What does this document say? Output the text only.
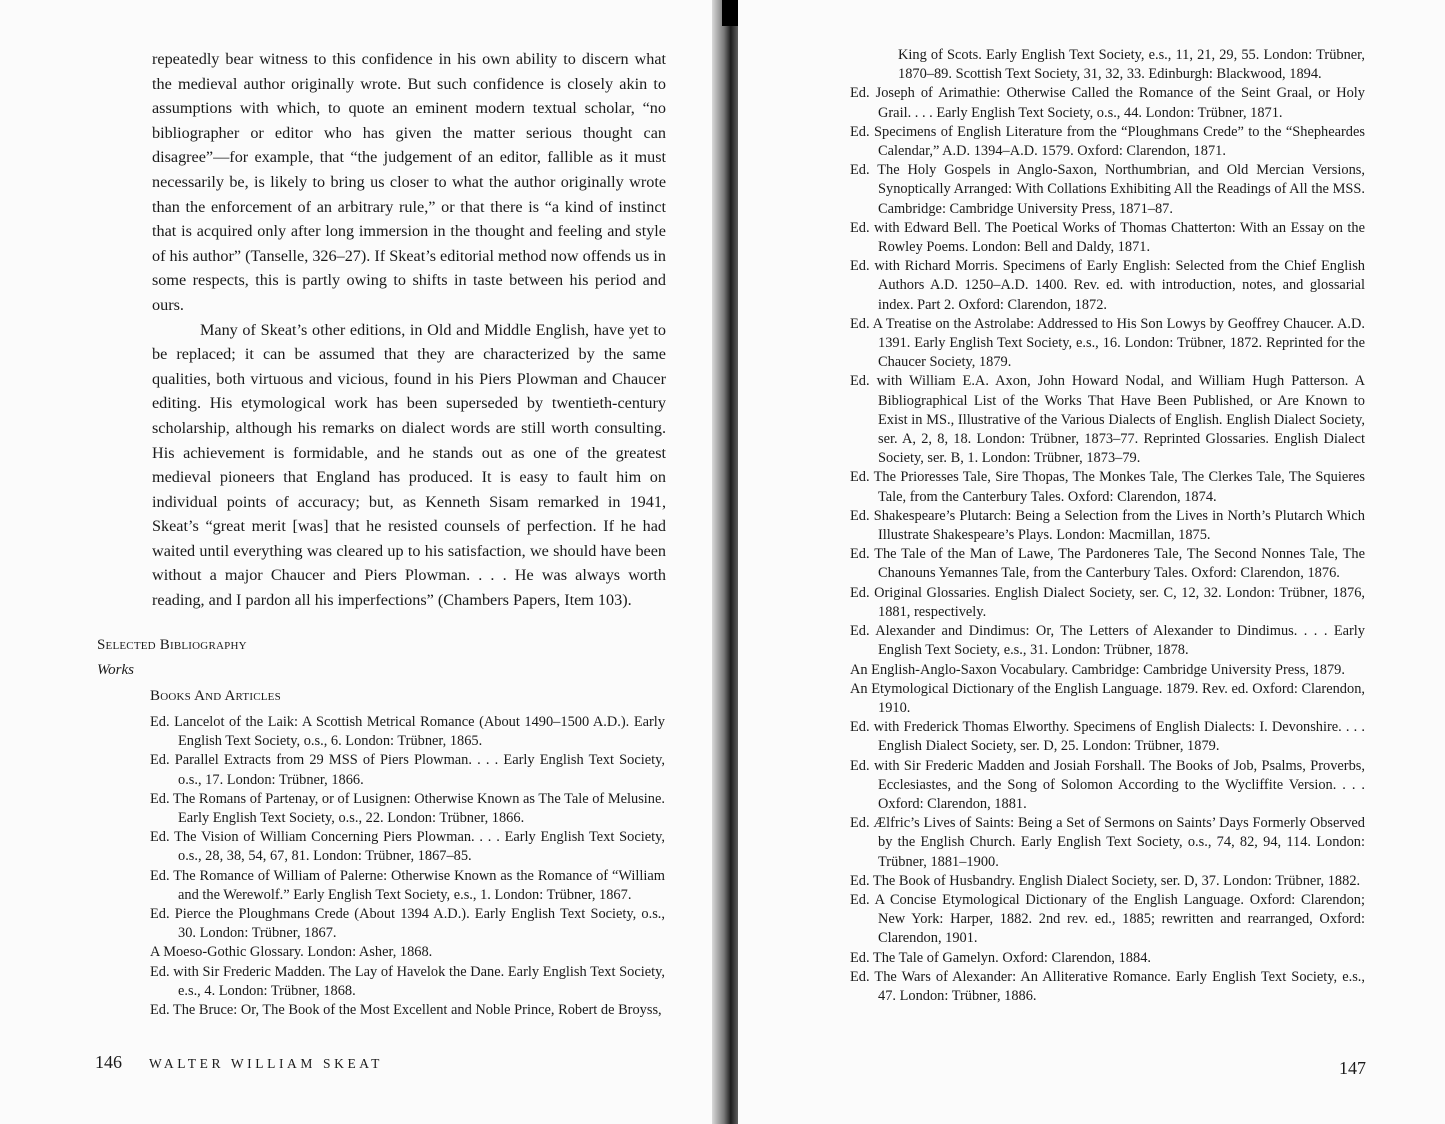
repeatedly bear witness to this confidence in his own ability to discern what the medieval author originally wrote. But such confidence is closely akin to assumptions with which, to quote an eminent modern textual scholar, “no bibliographer or editor who has given the matter serious thought can disagree”—for example, that “the judgement of an editor, fallible as it must necessarily be, is likely to bring us closer to what the author originally wrote than the enforcement of an arbitrary rule,” or that there is “a kind of instinct that is acquired only after long immersion in the thought and feeling and style of his author” (Tanselle, 326–27). If Skeat’s editorial method now offends us in some respects, this is partly owing to shifts in taste between his period and ours.

Many of Skeat’s other editions, in Old and Middle English, have yet to be replaced; it can be assumed that they are characterized by the same qualities, both virtuous and vicious, found in his Piers Plowman and Chaucer editing. His etymological work has been superseded by twentieth-century scholarship, although his remarks on dialect words are still worth consulting. His achievement is formidable, and he stands out as one of the greatest medieval pioneers that England has produced. It is easy to fault him on individual points of accuracy; but, as Kenneth Sisam remarked in 1941, Skeat’s “great merit [was] that he resisted counsels of perfection. If he had waited until everything was cleared up to his satisfaction, we should have been without a major Chaucer and Piers Plowman. . . . He was always worth reading, and I pardon all his imperfections” (Chambers Papers, Item 103).

Selected Bibliography
Works
Books And Articles

Ed. Lancelot of the Laik: A Scottish Metrical Romance (About 1490–1500 A.D.). Early English Text Society, o.s., 6. London: Trübner, 1865.

Ed. Parallel Extracts from 29 MSS of Piers Plowman. . . . Early English Text Society, o.s., 17. London: Trübner, 1866.

Ed. The Romans of Partenay, or of Lusignen: Otherwise Known as The Tale of Melusine. Early English Text Society, o.s., 22. London: Trübner, 1866.

Ed. The Vision of William Concerning Piers Plowman. . . . Early English Text Society, o.s., 28, 38, 54, 67, 81. London: Trübner, 1867–85.

Ed. The Romance of William of Palerne: Otherwise Known as the Romance of “William and the Werewolf.” Early English Text Society, e.s., 1. London: Trübner, 1867.

Ed. Pierce the Ploughmans Crede (About 1394 A.D.). Early English Text Society, o.s., 30. London: Trübner, 1867.

A Moeso-Gothic Glossary. London: Asher, 1868.

Ed. with Sir Frederic Madden. The Lay of Havelok the Dane. Early English Text Society, e.s., 4. London: Trübner, 1868.

Ed. The Bruce: Or, The Book of the Most Excellent and Noble Prince, Robert de Broyss,

146 WALTER WILLIAM SKEAT

King of Scots. Early English Text Society, e.s., 11, 21, 29, 55. London: Trübner, 1870–89. Scottish Text Society, 31, 32, 33. Edinburgh: Blackwood, 1894.

Ed. Joseph of Arimathie: Otherwise Called the Romance of the Seint Graal, or Holy Grail. . . . Early English Text Society, o.s., 44. London: Trübner, 1871.

Ed. Specimens of English Literature from the “Ploughmans Crede” to the “Shepheardes Calendar,” A.D. 1394–A.D. 1579. Oxford: Clarendon, 1871.

Ed. The Holy Gospels in Anglo-Saxon, Northumbrian, and Old Mercian Versions, Synoptically Arranged: With Collations Exhibiting All the Readings of All the MSS. Cambridge: Cambridge University Press, 1871–87.

Ed. with Edward Bell. The Poetical Works of Thomas Chatterton: With an Essay on the Rowley Poems. London: Bell and Daldy, 1871.

Ed. with Richard Morris. Specimens of Early English: Selected from the Chief English Authors A.D. 1250–A.D. 1400. Rev. ed. with introduction, notes, and glossarial index. Part 2. Oxford: Clarendon, 1872.

Ed. A Treatise on the Astrolabe: Addressed to His Son Lowys by Geoffrey Chaucer. A.D. 1391. Early English Text Society, e.s., 16. London: Trübner, 1872. Reprinted for the Chaucer Society, 1879.

Ed. with William E.A. Axon, John Howard Nodal, and William Hugh Patterson. A Bibliographical List of the Works That Have Been Published, or Are Known to Exist in MS., Illustrative of the Various Dialects of English. English Dialect Society, ser. A, 2, 8, 18. London: Trübner, 1873–77. Reprinted Glossaries. English Dialect Society, ser. B, 1. London: Trübner, 1873–79.

Ed. The Prioresses Tale, Sire Thopas, The Monkes Tale, The Clerkes Tale, The Squieres Tale, from the Canterbury Tales. Oxford: Clarendon, 1874.

Ed. Shakespeare’s Plutarch: Being a Selection from the Lives in North’s Plutarch Which Illustrate Shakespeare’s Plays. London: Macmillan, 1875.

Ed. The Tale of the Man of Lawe, The Pardoneres Tale, The Second Nonnes Tale, The Chanouns Yemannes Tale, from the Canterbury Tales. Oxford: Clarendon, 1876.

Ed. Original Glossaries. English Dialect Society, ser. C, 12, 32. London: Trübner, 1876, 1881, respectively.

Ed. Alexander and Dindimus: Or, The Letters of Alexander to Dindimus. . . . Early English Text Society, e.s., 31. London: Trübner, 1878.

An English-Anglo-Saxon Vocabulary. Cambridge: Cambridge University Press, 1879.

An Etymological Dictionary of the English Language. 1879. Rev. ed. Oxford: Clarendon, 1910.

Ed. with Frederick Thomas Elworthy. Specimens of English Dialects: I. Devonshire. . . . English Dialect Society, ser. D, 25. London: Trübner, 1879.

Ed. with Sir Frederic Madden and Josiah Forshall. The Books of Job, Psalms, Proverbs, Ecclesiastes, and the Song of Solomon According to the Wycliffite Version. . . . Oxford: Clarendon, 1881.

Ed. Ælfric’s Lives of Saints: Being a Set of Sermons on Saints’ Days Formerly Observed by the English Church. Early English Text Society, o.s., 74, 82, 94, 114. London: Trübner, 1881–1900.

Ed. The Book of Husbandry. English Dialect Society, ser. D, 37. London: Trübner, 1882.

Ed. A Concise Etymological Dictionary of the English Language. Oxford: Clarendon; New York: Harper, 1882. 2nd rev. ed., 1885; rewritten and rearranged, Oxford: Clarendon, 1901.

Ed. The Tale of Gamelyn. Oxford: Clarendon, 1884.

Ed. The Wars of Alexander: An Alliterative Romance. Early English Text Society, e.s., 47. London: Trübner, 1886.

147
